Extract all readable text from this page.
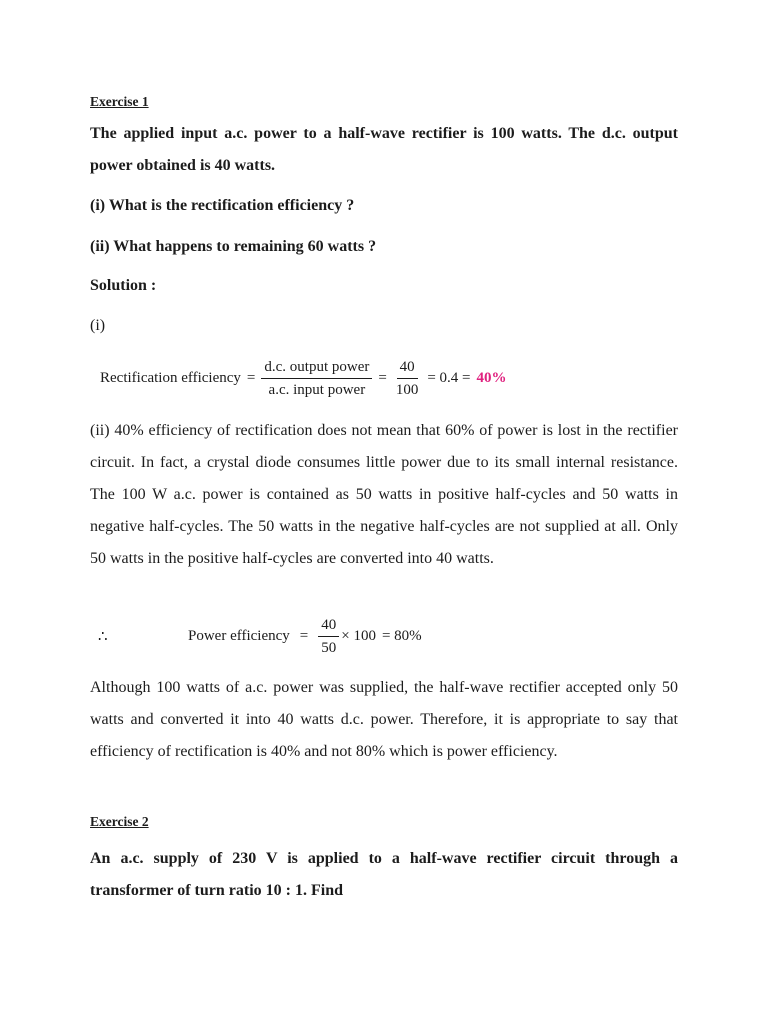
Exercise 1
The applied input a.c. power to a half-wave rectifier is 100 watts. The d.c. output power obtained is 40 watts.
(i) What is the rectification efficiency ?
(ii) What happens to remaining 60 watts ?
Solution :
(i)
Rectification efficiency = $\frac{\text{d.c. output power}}{\text{a.c. input power}} = \frac{40}{100} = 0.4 = 40\%$
(ii) 40% efficiency of rectification does not mean that 60% of power is lost in the rectifier circuit. In fact, a crystal diode consumes little power due to its small internal resistance. The 100 W a.c. power is contained as 50 watts in positive half-cycles and 50 watts in negative half-cycles. The 50 watts in the negative half-cycles are not supplied at all. Only 50 watts in the positive half-cycles are converted into 40 watts.
∴	Power efficiency = $\frac{40}{50} \times 100 = 80\%$
Although 100 watts of a.c. power was supplied, the half-wave rectifier accepted only 50 watts and converted it into 40 watts d.c. power. Therefore, it is appropriate to say that efficiency of rectification is 40% and not 80% which is power efficiency.
Exercise 2
An a.c. supply of 230 V is applied to a half-wave rectifier circuit through a transformer of turn ratio 10 : 1. Find
